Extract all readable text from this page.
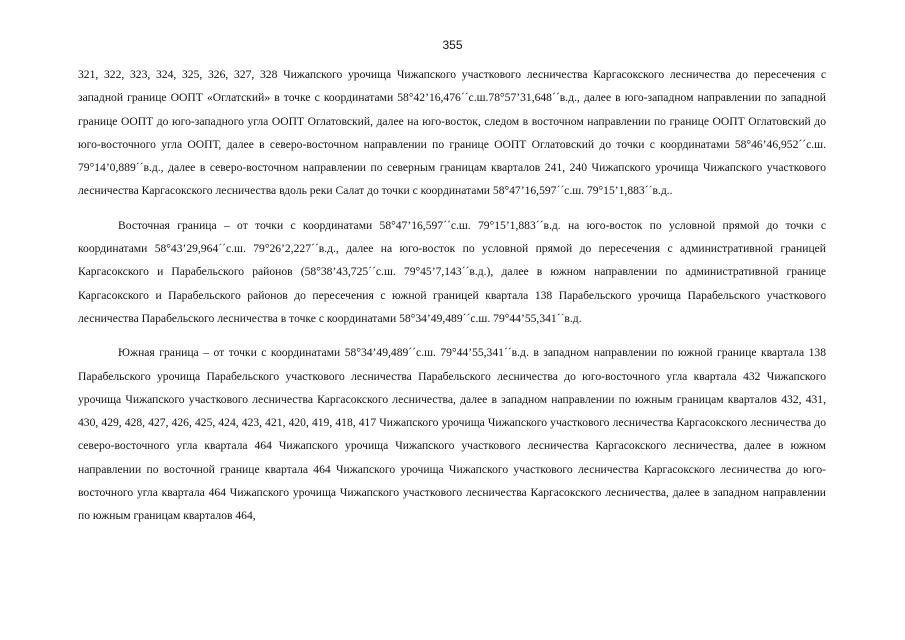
355

321, 322, 323, 324, 325, 326, 327, 328 Чижапского урочища Чижапского участкового лесничества Каргасокского лесничества до пересечения с западной границе ООПТ «Оглатский» в точке с координатами 58°42’16,476´´с.ш.78°57’31,648´´в.д., далее в юго-западном направлении по западной границе ООПТ до юго-западного угла ООПТ Оглатовский, далее на юго-восток, следом в восточном направлении по границе ООПТ Оглатовский до юго-восточного угла ООПТ, далее в северо-восточном направлении по границе ООПТ Оглатовский до точки с координатами 58°46’46,952´´с.ш. 79°14’0,889´´в.д., далее в северо-восточном направлении по северным границам кварталов 241, 240 Чижапского урочища Чижапского участкового лесничества Каргасокского лесничества вдоль реки Салат до точки с координатами 58°47’16,597´´с.ш. 79°15’1,883´´в.д..

Восточная граница – от точки с координатами 58°47’16,597´´с.ш. 79°15’1,883´´в.д. на юго-восток по условной прямой до точки с координатами 58°43’29,964´´с.ш. 79°26’2,227´´в.д., далее на юго-восток по условной прямой до пересечения с административной границей Каргасокского и Парабельского районов (58°38’43,725´´с.ш. 79°45’7,143´´в.д.), далее в южном направлении по административной границе Каргасокского и Парабельского районов до пересечения с южной границей квартала 138 Парабельского урочища Парабельского участкового лесничества Парабельского лесничества в точке с координатами 58°34’49,489´´с.ш. 79°44’55,341´´в.д.

Южная граница – от точки с координатами 58°34’49,489´´с.ш. 79°44’55,341´´в.д. в западном направлении по южной границе квартала 138 Парабельского урочища Парабельского участкового лесничества Парабельского лесничества до юго-восточного угла квартала 432 Чижапского урочища Чижапского участкового лесничества Каргасокского лесничества, далее в западном направлении по южным границам кварталов 432, 431, 430, 429, 428, 427, 426, 425, 424, 423, 421, 420, 419, 418, 417 Чижапского урочища Чижапского участкового лесничества Каргасокского лесничества до северо-восточного угла квартала 464 Чижапского урочища Чижапского участкового лесничества Каргасокского лесничества, далее в южном направлении по восточной границе квартала 464 Чижапского урочища Чижапского участкового лесничества Каргасокского лесничества до юго-восточного угла квартала 464 Чижапского урочища Чижапского участкового лесничества Каргасокского лесничества, далее в западном направлении по южным границам кварталов 464,
